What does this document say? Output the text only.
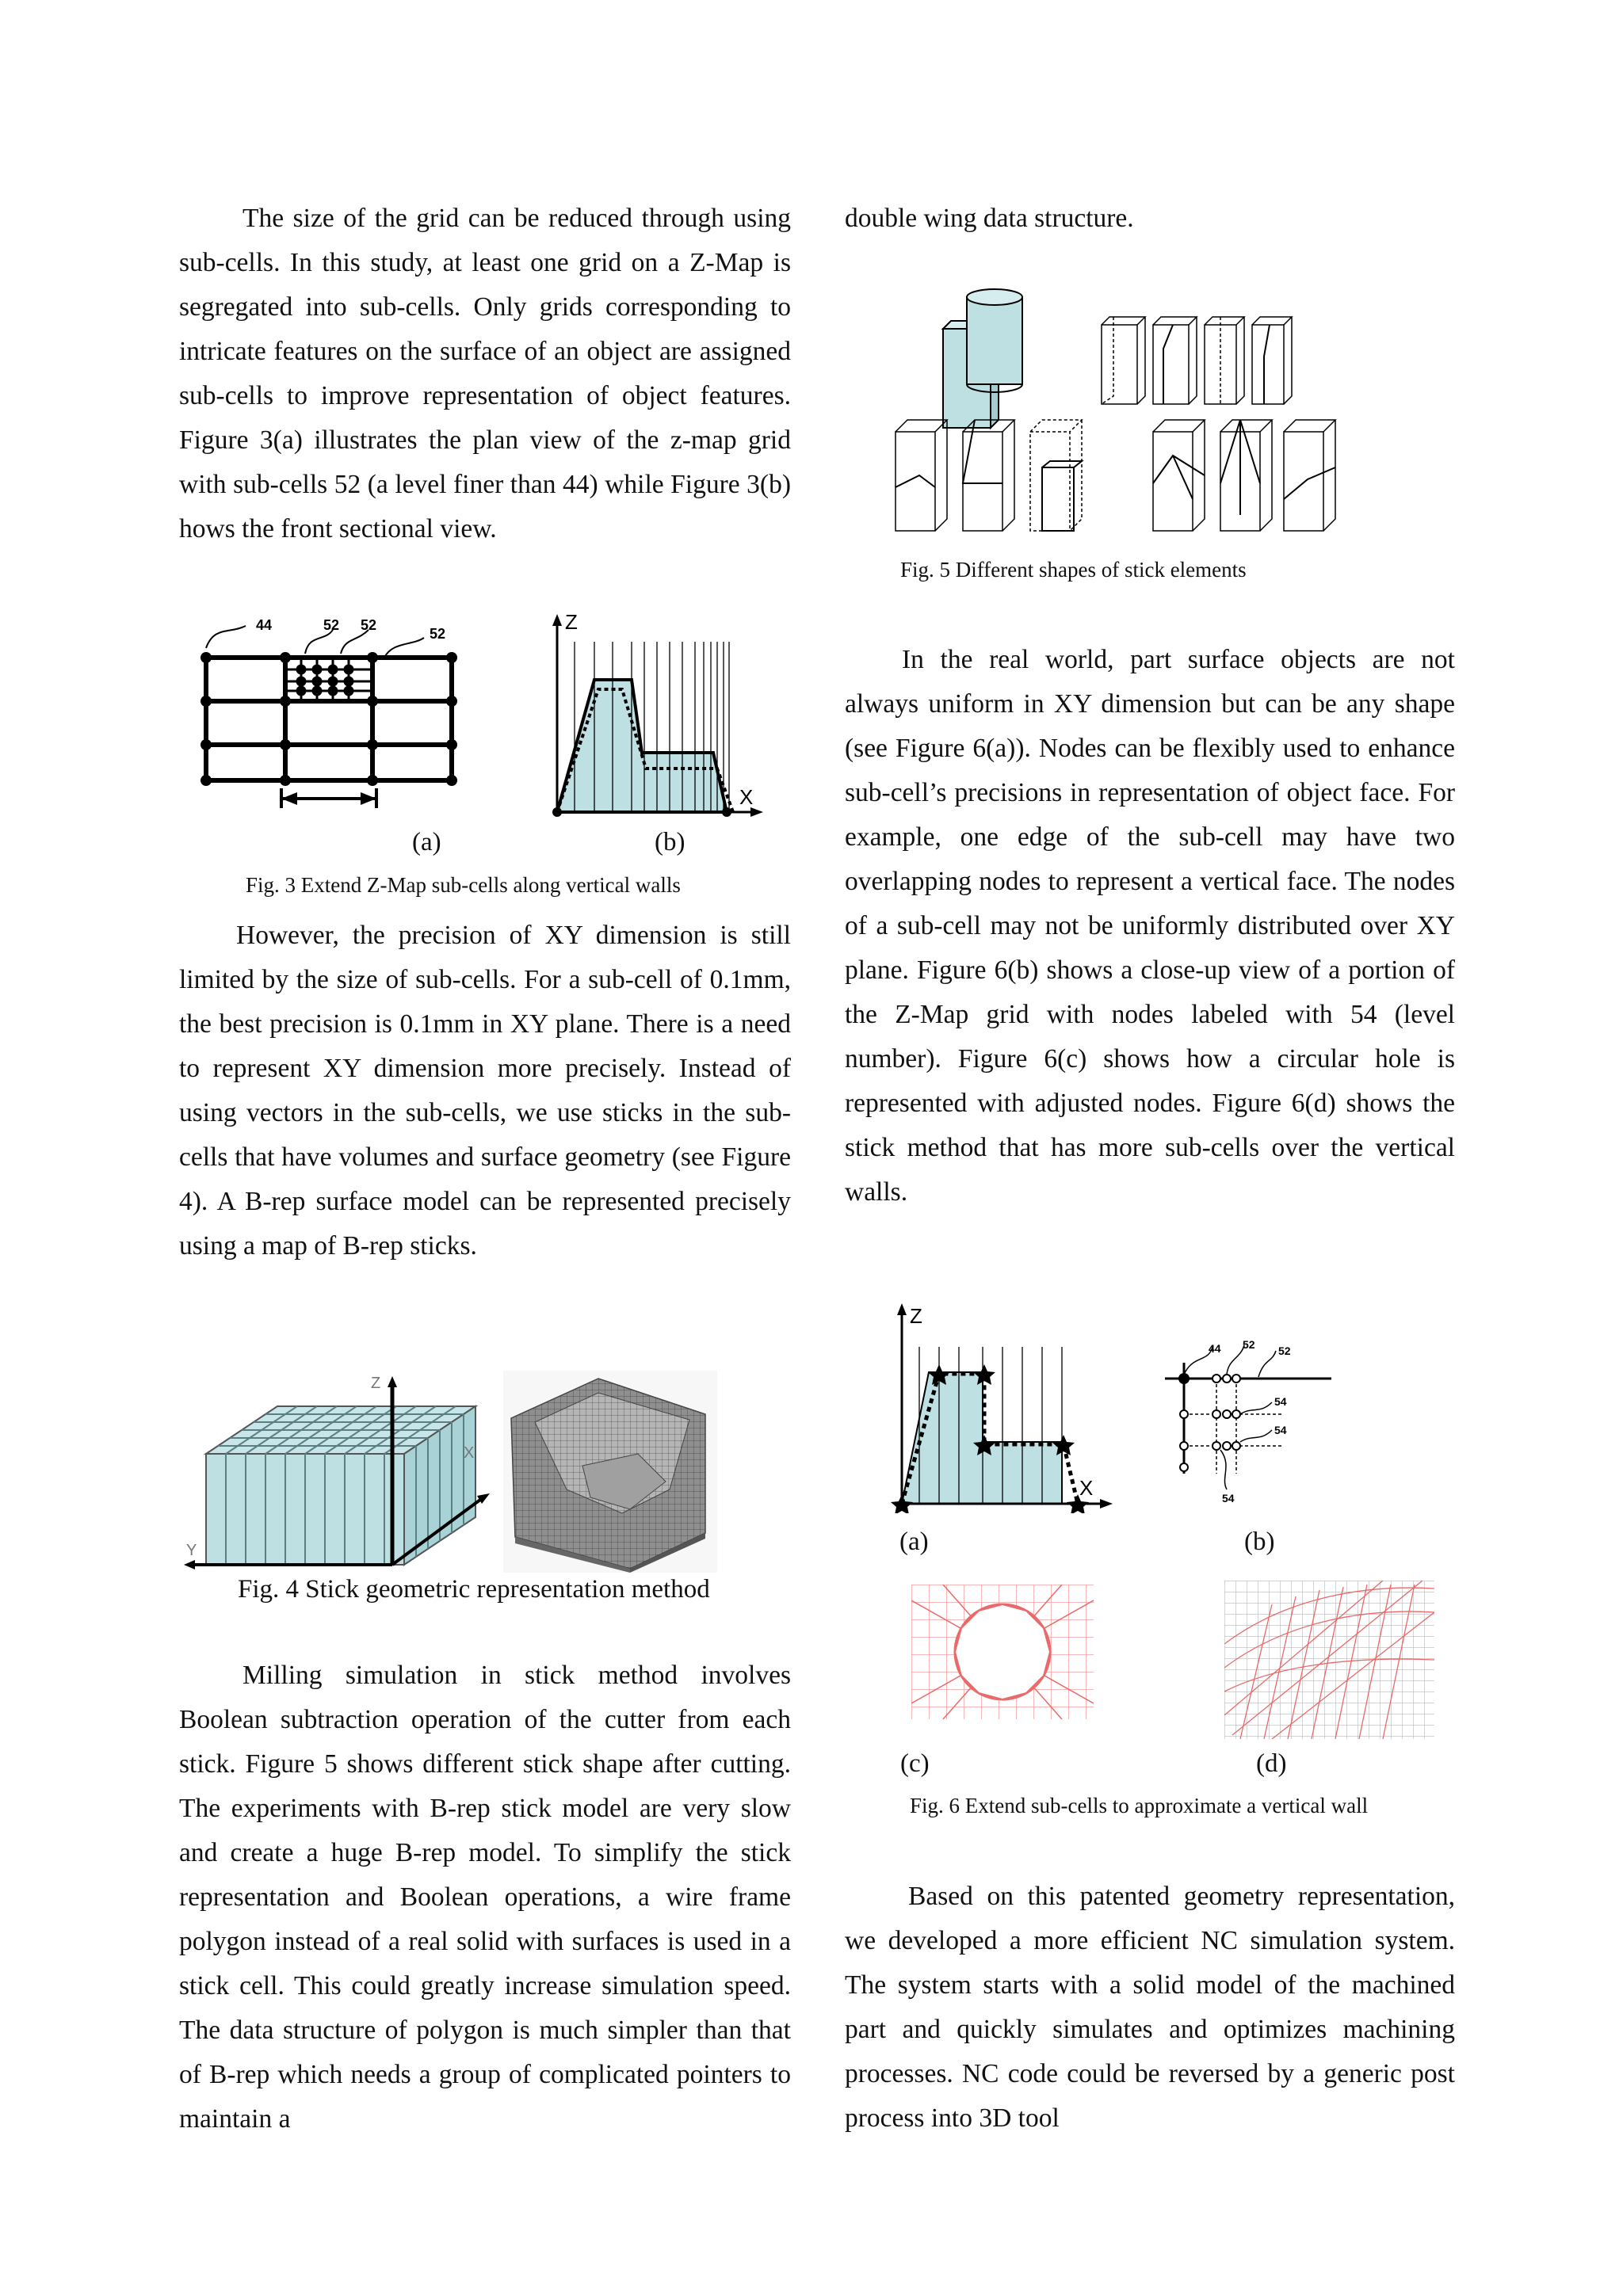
The size of the grid can be reduced through using sub-cells. In this study, at least one grid on a Z-Map is segregated into sub-cells. Only grids corresponding to intricate features on the surface of an object are assigned sub-cells to improve representation of object features. Figure 3(a) illustrates the plan view of the z-map grid with sub-cells 52 (a level finer than 44) while Figure 3(b) hows the front sectional view.

44	52 52
52
(a)
Z
X
(b)
Fig. 3 Extend Z-Map sub-cells along vertical walls

However, the precision of XY dimension is still limited by the size of sub-cells. For a sub-cell of 0.1mm, the best precision is 0.1mm in XY plane. There is a need to represent XY dimension more precisely. Instead of using vectors in the sub-cells, we use sticks in the sub-cells that have volumes and surface geometry (see Figure 4). A B-rep surface model can be represented precisely using a map of B-rep sticks.

Z
X
Y
Fig. 4 Stick geometric representation method

Milling simulation in stick method involves Boolean subtraction operation of the cutter from each stick. Figure 5 shows different stick shape after cutting. The experiments with B-rep stick model are very slow and create a huge B-rep model. To simplify the stick representation and Boolean operations, a wire frame polygon instead of a real solid with surfaces is used in a stick cell. This could greatly increase simulation speed. The data structure of polygon is much simpler than that of B-rep which needs a group of complicated pointers to maintain a

double wing data structure.

Fig. 5 Different shapes of stick elements

In the real world, part surface objects are not always uniform in XY dimension but can be any shape (see Figure 6(a)). Nodes can be flexibly used to enhance sub-cell’s precisions in representation of object face. For example, one edge of the sub-cell may have two overlapping nodes to represent a vertical face. The nodes of a sub-cell may not be uniformly distributed over XY plane. Figure 6(b) shows a close-up view of a portion of the Z-Map grid with nodes labeled with 54 (level number). Figure 6(c) shows how a circular hole is represented with adjusted nodes. Figure 6(d) shows the stick method that has more sub-cells over the vertical walls.

Z
X
(a)
44 52 52
54
54
54
(b)
(c)	(d)
Fig. 6 Extend sub-cells to approximate a vertical wall

Based on this patented geometry representation, we developed a more efficient NC simulation system. The system starts with a solid model of the machined part and quickly simulates and optimizes machining processes. NC code could be reversed by a generic post process into 3D tool
